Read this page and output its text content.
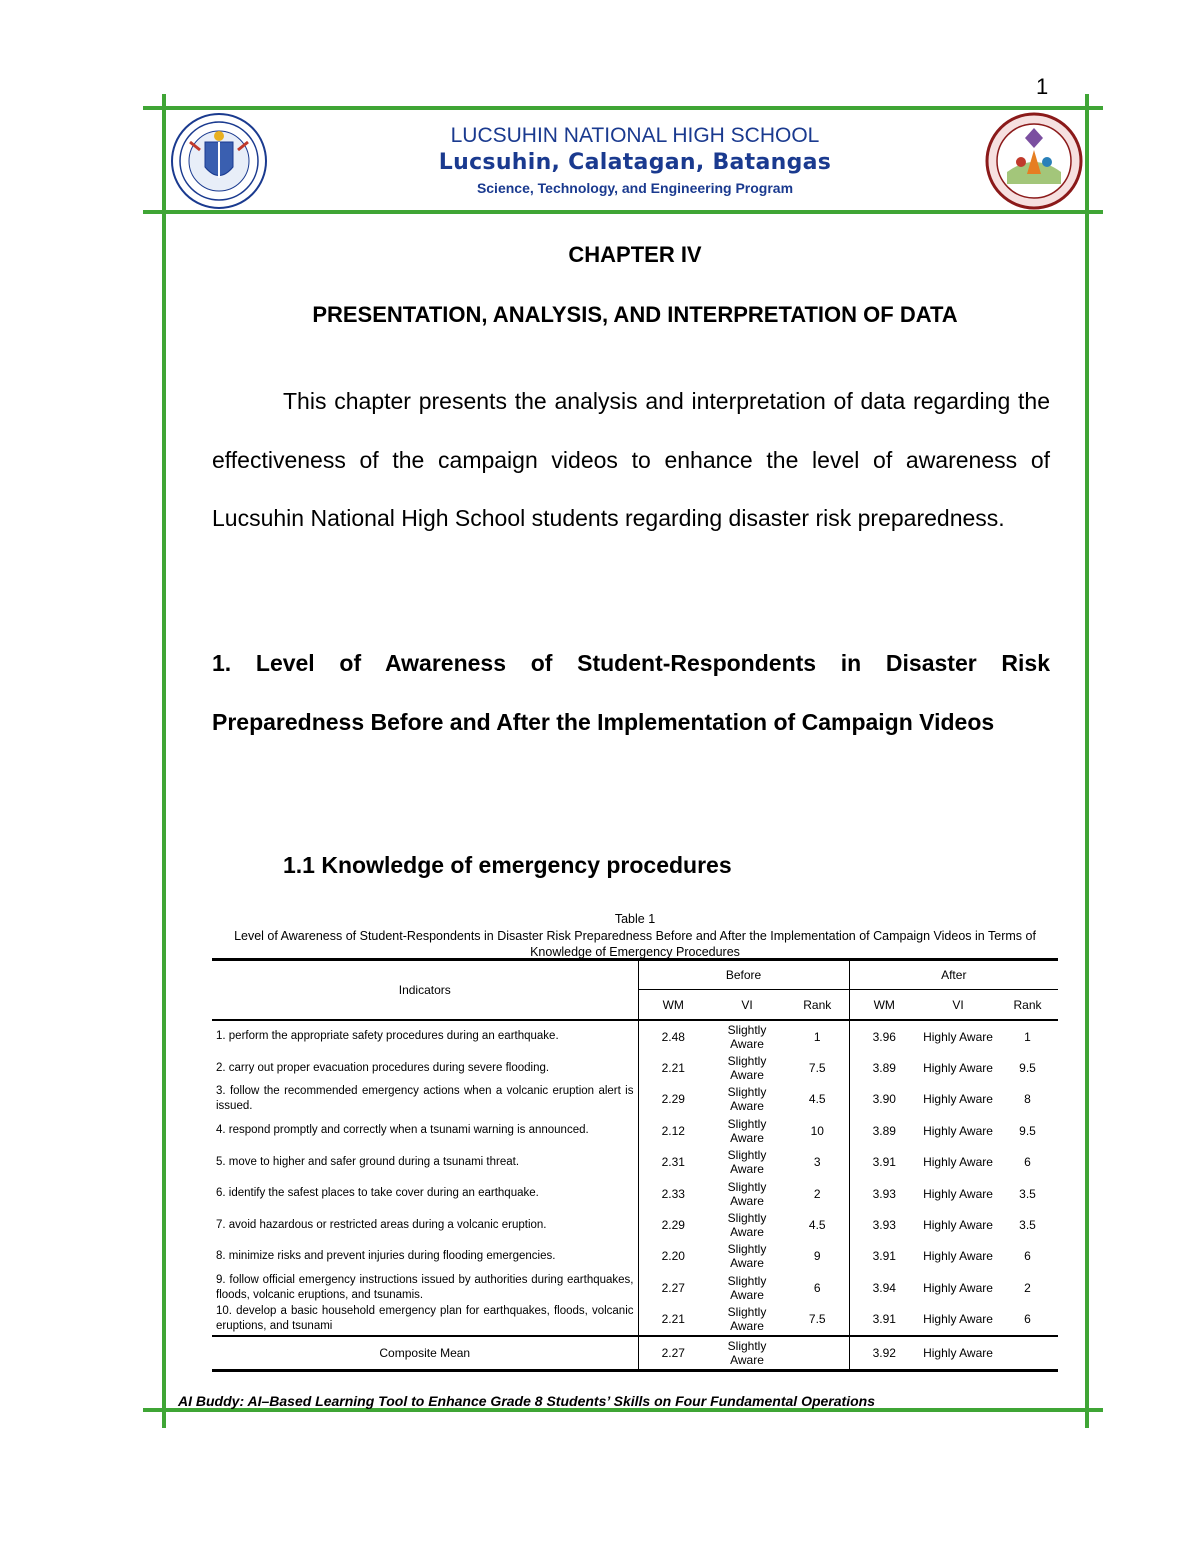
1
LUCSUHIN NATIONAL HIGH SCHOOL
Lucsuhin, Calatagan, Batangas
Science, Technology, and Engineering Program
CHAPTER IV
PRESENTATION, ANALYSIS, AND INTERPRETATION OF DATA
This chapter presents the analysis and interpretation of data regarding the effectiveness of the campaign videos to enhance the level of awareness of Lucsuhin National High School students regarding disaster risk preparedness.
1. Level of Awareness of Student-Respondents in Disaster Risk Preparedness Before and After the Implementation of Campaign Videos
1.1 Knowledge of emergency procedures
Table 1
Level of Awareness of Student-Respondents in Disaster Risk Preparedness Before and After the Implementation of Campaign Videos in Terms of Knowledge of Emergency Procedures
Indicators	Before			After		
	WM	VI	Rank	WM	VI	Rank
1. perform the appropriate safety procedures during an earthquake.	2.48	Slightly Aware	1	3.96	Highly Aware	1
2. carry out proper evacuation procedures during severe flooding.	2.21	Slightly Aware	7.5	3.89	Highly Aware	9.5
3. follow the recommended emergency actions when a volcanic eruption alert is issued.	2.29	Slightly Aware	4.5	3.90	Highly Aware	8
4. respond promptly and correctly when a tsunami warning is announced.	2.12	Slightly Aware	10	3.89	Highly Aware	9.5
5. move to higher and safer ground during a tsunami threat.	2.31	Slightly Aware	3	3.91	Highly Aware	6
6. identify the safest places to take cover during an earthquake.	2.33	Slightly Aware	2	3.93	Highly Aware	3.5
7. avoid hazardous or restricted areas during a volcanic eruption.	2.29	Slightly Aware	4.5	3.93	Highly Aware	3.5
8. minimize risks and prevent injuries during flooding emergencies.	2.20	Slightly Aware	9	3.91	Highly Aware	6
9. follow official emergency instructions issued by authorities during earthquakes, floods, volcanic eruptions, and tsunamis.	2.27	Slightly Aware	6	3.94	Highly Aware	2
10. develop a basic household emergency plan for earthquakes, floods, volcanic eruptions, and tsunami	2.21	Slightly Aware	7.5	3.91	Highly Aware	6
Composite Mean	2.27	Slightly Aware		3.92	Highly Aware	
AI Buddy: AI–Based Learning Tool to Enhance Grade 8 Students’ Skills on Four Fundamental Operations
